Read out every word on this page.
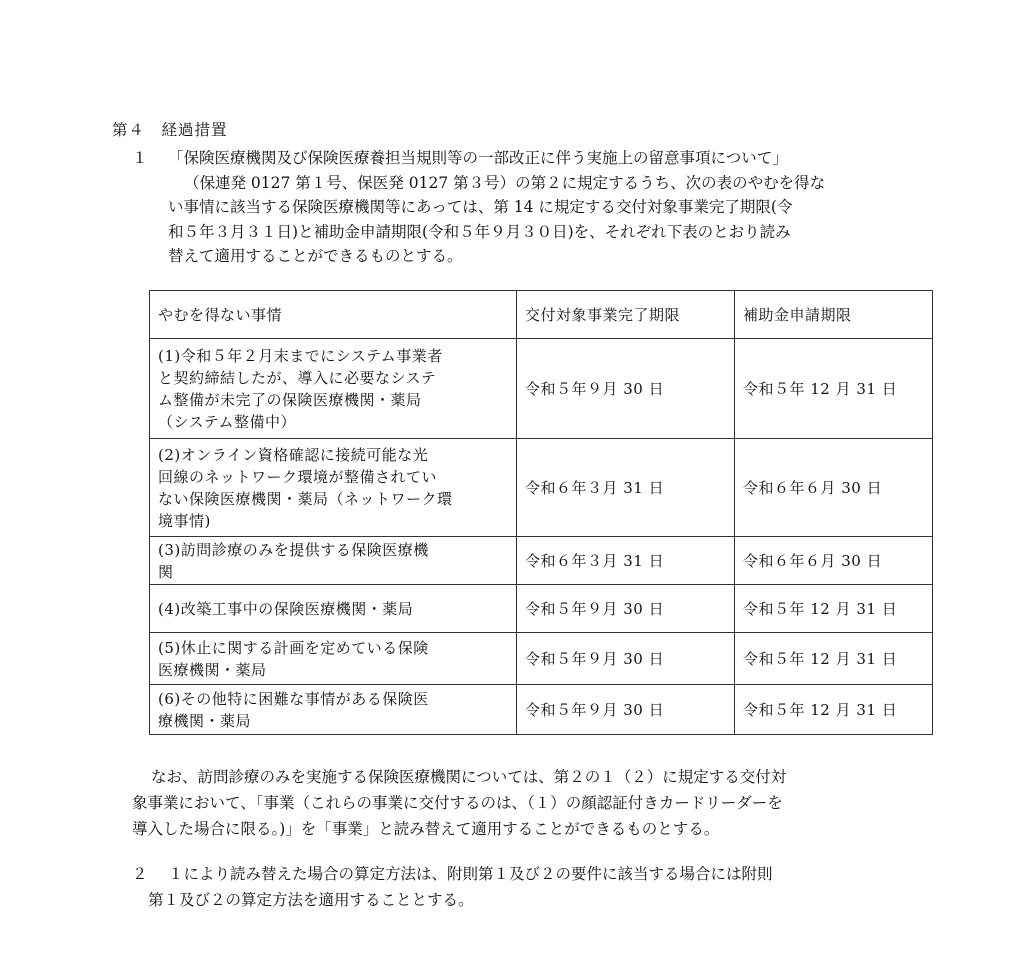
第４　経過措置
１ 「保険医療機関及び保険医療養担当規則等の一部改正に伴う実施上の留意事項について」
（保連発 0127 第１号、保医発 0127 第３号）の第２に規定するうち、次の表のやむを得な
い事情に該当する保険医療機関等にあっては、第 14 に規定する交付対象事業完了期限(令
和５年３月３１日)と補助金申請期限(令和５年９月３０日)を、それぞれ下表のとおり読み
替えて適用することができるものとする。
やむを得ない事情	交付対象事業完了期限	補助金申請期限

(1)令和５年２月末までにシステム事業者
と契約締結したが、導入に必要なシステ
ム整備が未完了の保険医療機関・薬局
（システム整備中）	令和５年９月 30 日	令和５年 12 月 31 日

(2)オンライン資格確認に接続可能な光
回線のネットワーク環境が整備されてい
ない保険医療機関・薬局（ネットワーク環
境事情)	令和６年３月 31 日	令和６年６月 30 日

(3)訪問診療のみを提供する保険医療機
関	令和６年３月 31 日	令和６年６月 30 日

(4)改築工事中の保険医療機関・薬局	令和５年９月 30 日	令和５年 12 月 31 日

(5)休止に関する計画を定めている保険
医療機関・薬局	令和５年９月 30 日	令和５年 12 月 31 日

(6)その他特に困難な事情がある保険医
療機関・薬局	令和５年９月 30 日	令和５年 12 月 31 日
なお、訪問診療のみを実施する保険医療機関については、第２の１（２）に規定する交付対
象事業において、「事業（これらの事業に交付するのは、（１）の顔認証付きカードリーダーを
導入した場合に限る。)」を「事業」と読み替えて適用することができるものとする。
２ １により読み替えた場合の算定方法は、附則第１及び２の要件に該当する場合には附則
第１及び２の算定方法を適用することとする。
